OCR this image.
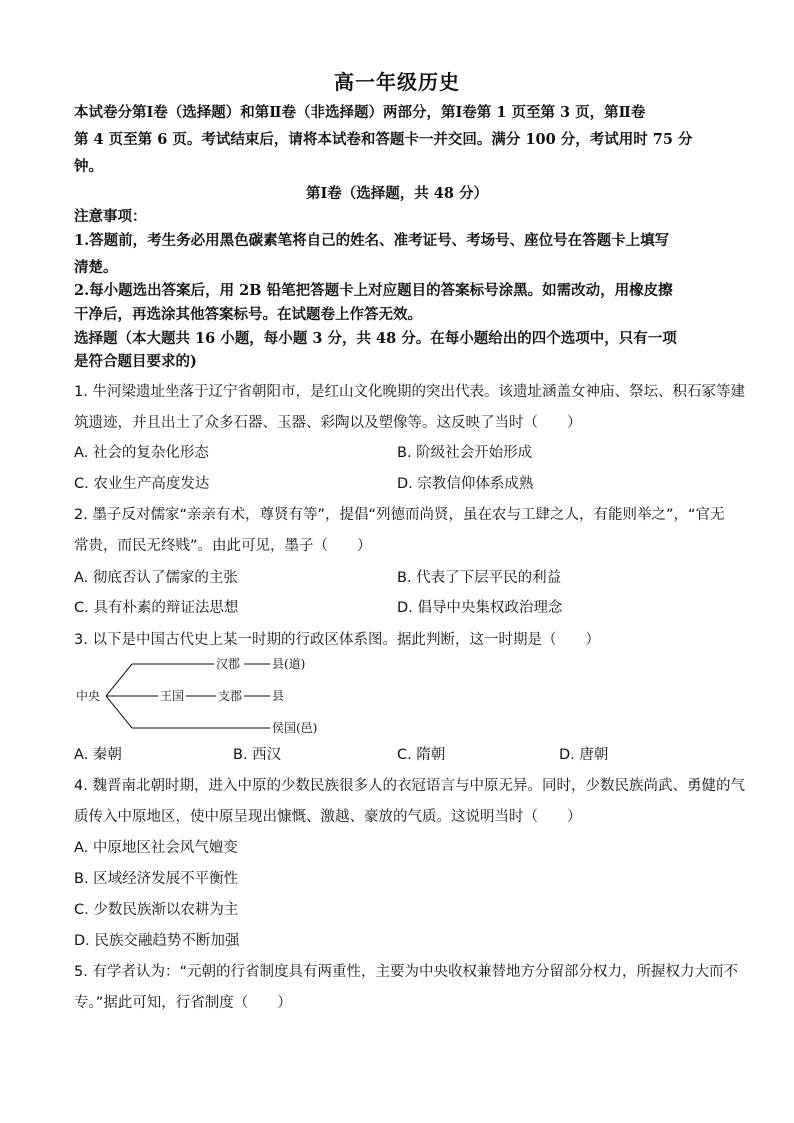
高一年级历史
本试卷分第Ⅰ卷（选择题）和第Ⅱ卷（非选择题）两部分，第Ⅰ卷第 1 页至第 3 页，第Ⅱ卷
第 4 页至第 6 页。考试结束后，请将本试卷和答题卡一并交回。满分 100 分，考试用时 75 分
钟。
第Ⅰ卷（选择题，共 48 分）
注意事项：
1.答题前，考生务必用黑色碳素笔将自己的姓名、准考证号、考场号、座位号在答题卡上填写
清楚。
2.每小题选出答案后，用 2B 铅笔把答题卡上对应题目的答案标号涂黑。如需改动，用橡皮擦
干净后，再选涂其他答案标号。在试题卷上作答无效。
选择题（本大题共 16 小题，每小题 3 分，共 48 分。在每小题给出的四个选项中，只有一项
是符合题目要求的)
1. 牛河梁遗址坐落于辽宁省朝阳市，是红山文化晚期的突出代表。该遗址涵盖女神庙、祭坛、积石冢等建
筑遗迹，并且出土了众多石器、玉器、彩陶以及塑像等。这反映了当时（　　）
A. 社会的复杂化形态	B. 阶级社会开始形成
C. 农业生产高度发达	D. 宗教信仰体系成熟
2. 墨子反对儒家“亲亲有术，尊贤有等”，提倡“列德而尚贤，虽在农与工肆之人，有能则举之”，“官无
常贵，而民无终贱”。由此可见，墨子（　　）
A. 彻底否认了儒家的主张	B. 代表了下层平民的利益
C. 具有朴素的辩证法思想	D. 倡导中央集权政治理念
3. 以下是中国古代史上某一时期的行政区体系图。据此判断，这一时期是（　　）
中央	王国	支郡 县
汉郡	县(道)
侯国(邑)
A. 秦朝	B. 西汉	C. 隋朝	D. 唐朝
4. 魏晋南北朝时期，进入中原的少数民族很多人的衣冠语言与中原无异。同时，少数民族尚武、勇健的气
质传入中原地区，使中原呈现出慷慨、激越、豪放的气质。这说明当时（　　）
A. 中原地区社会风气嬗变
B. 区域经济发展不平衡性
C. 少数民族渐以农耕为主
D. 民族交融趋势不断加强
5. 有学者认为：“元朝的行省制度具有两重性，主要为中央收权兼替地方分留部分权力，所握权力大而不
专。”据此可知，行省制度（　　）
